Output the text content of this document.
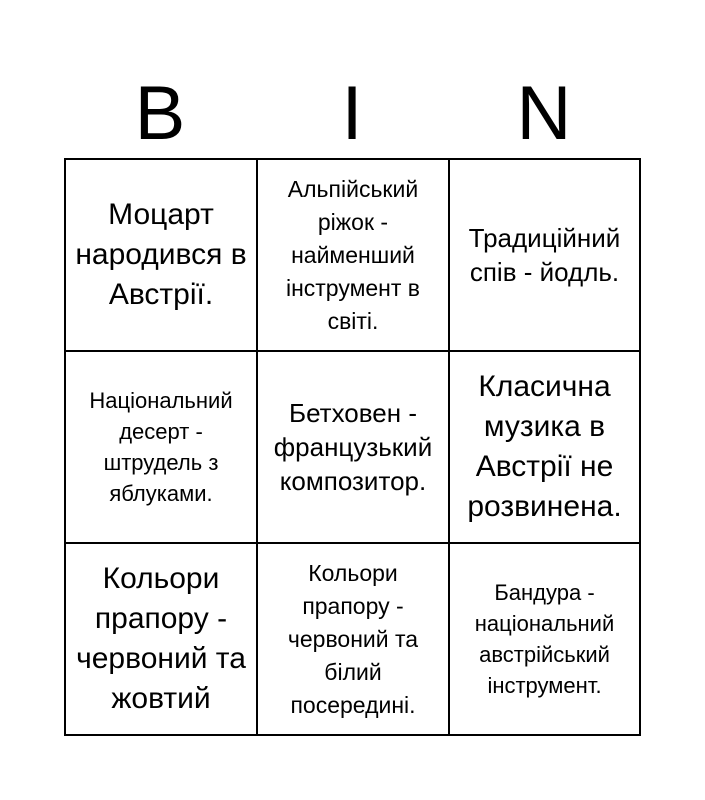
B	I	N
Моцарт народився в Австрії.
Альпійський ріжок - найменший інструмент в світі.
Традиційний спів - йодль.
Національний десерт - штрудель з яблуками.
Бетховен - французький композитор.
Класична музика в Австрії не розвинена.
Кольори прапору - червоний та жовтий
Кольори прапору - червоний та білий посередині.
Бандура - національний австрійський інструмент.
